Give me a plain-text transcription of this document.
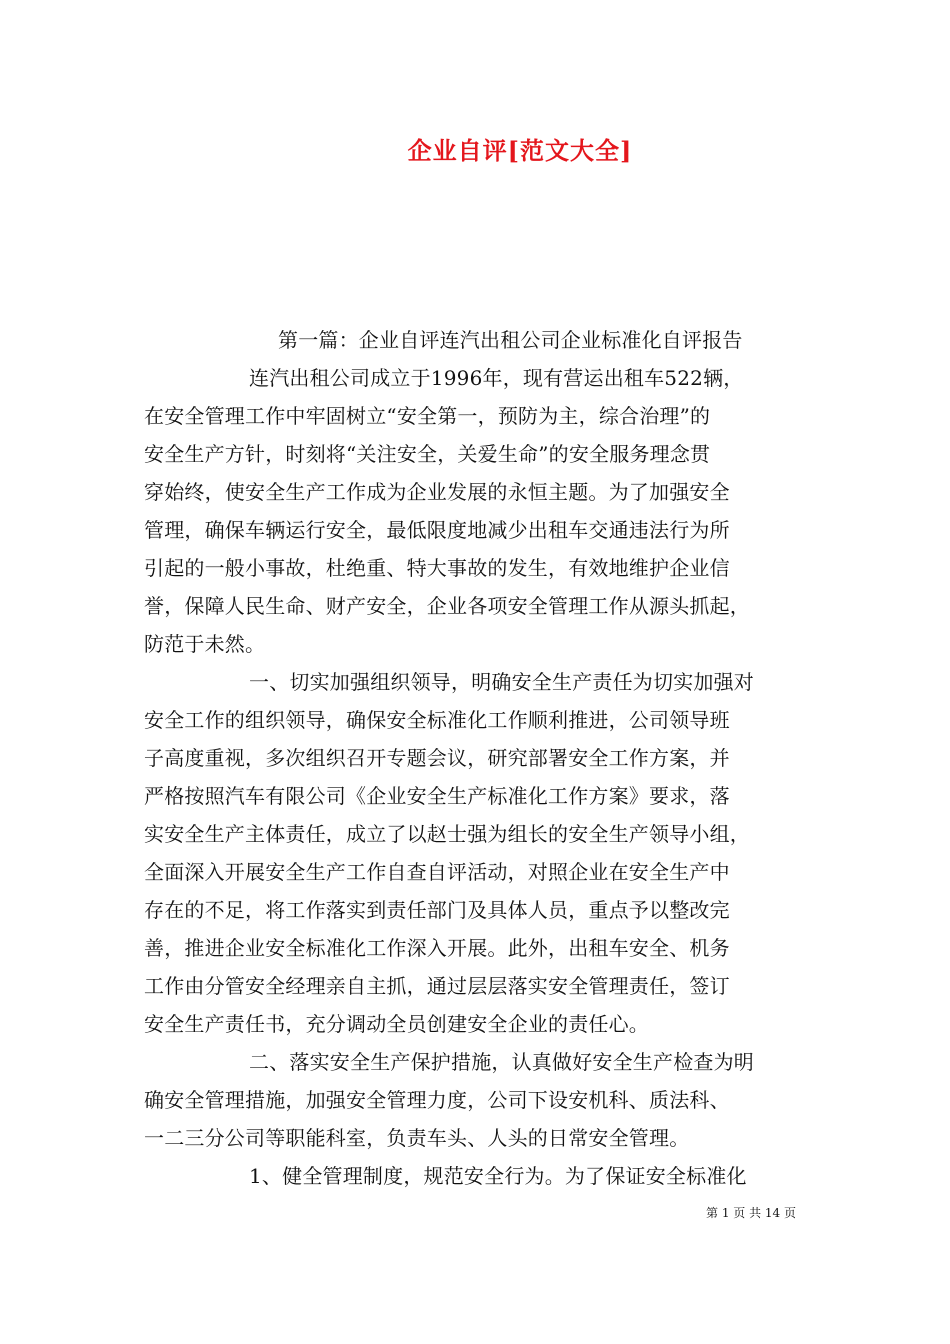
企业自评[范文大全]
第一篇：企业自评连汽出租公司企业标准化自评报告
连汽出租公司成立于1996年，现有营运出租车522辆，
在安全管理工作中牢固树立“安全第一，预防为主，综合治理”的
安全生产方针，时刻将“关注安全，关爱生命”的安全服务理念贯
穿始终，使安全生产工作成为企业发展的永恒主题。为了加强安全
管理，确保车辆运行安全，最低限度地减少出租车交通违法行为所
引起的一般小事故，杜绝重、特大事故的发生，有效地维护企业信
誉，保障人民生命、财产安全，企业各项安全管理工作从源头抓起，
防范于未然。
一、切实加强组织领导，明确安全生产责任为切实加强对
安全工作的组织领导，确保安全标准化工作顺利推进，公司领导班
子高度重视，多次组织召开专题会议，研究部署安全工作方案，并
严格按照汽车有限公司《企业安全生产标准化工作方案》要求，落
实安全生产主体责任，成立了以赵士强为组长的安全生产领导小组，
全面深入开展安全生产工作自查自评活动，对照企业在安全生产中
存在的不足，将工作落实到责任部门及具体人员，重点予以整改完
善，推进企业安全标准化工作深入开展。此外，出租车安全、机务
工作由分管安全经理亲自主抓，通过层层落实安全管理责任，签订
安全生产责任书，充分调动全员创建安全企业的责任心。
二、落实安全生产保护措施，认真做好安全生产检查为明
确安全管理措施，加强安全管理力度，公司下设安机科、质法科、
一二三分公司等职能科室，负责车头、人头的日常安全管理。
1、健全管理制度，规范安全行为。为了保证安全标准化
第 1 页 共 14 页
